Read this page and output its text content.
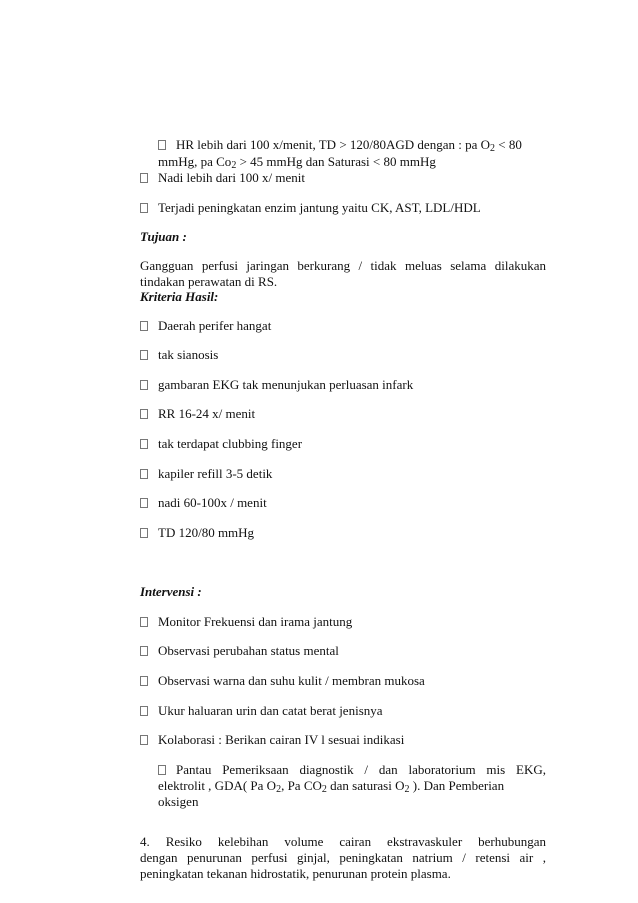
HR lebih dari 100 x/menit, TD > 120/80AGD dengan : pa O2 < 80
mmHg, pa Co2 > 45 mmHg dan Saturasi < 80 mmHg
Nadi lebih dari 100 x/ menit
Terjadi peningkatan enzim jantung yaitu CK, AST, LDL/HDL
Tujuan :
Gangguan perfusi jaringan berkurang / tidak meluas selama dilakukan
tindakan perawatan di RS.
Kriteria Hasil:
Daerah perifer hangat
tak sianosis
gambaran EKG tak menunjukan perluasan infark
RR 16-24 x/ menit
tak terdapat clubbing finger
kapiler refill 3-5 detik
nadi 60-100x / menit
TD 120/80 mmHg
Intervensi :
Monitor Frekuensi dan irama jantung
Observasi perubahan status mental
Observasi warna dan suhu kulit / membran mukosa
Ukur haluaran urin dan catat berat jenisnya
Kolaborasi : Berikan cairan IV l sesuai indikasi
Pantau Pemeriksaan diagnostik / dan laboratorium mis EKG,
elektrolit , GDA( Pa O2, Pa CO2 dan saturasi O2 ). Dan Pemberian
oksigen
4. Resiko kelebihan volume cairan ekstravaskuler berhubungan
dengan penurunan perfusi ginjal, peningkatan natrium / retensi air ,
peningkatan tekanan hidrostatik, penurunan protein plasma.
